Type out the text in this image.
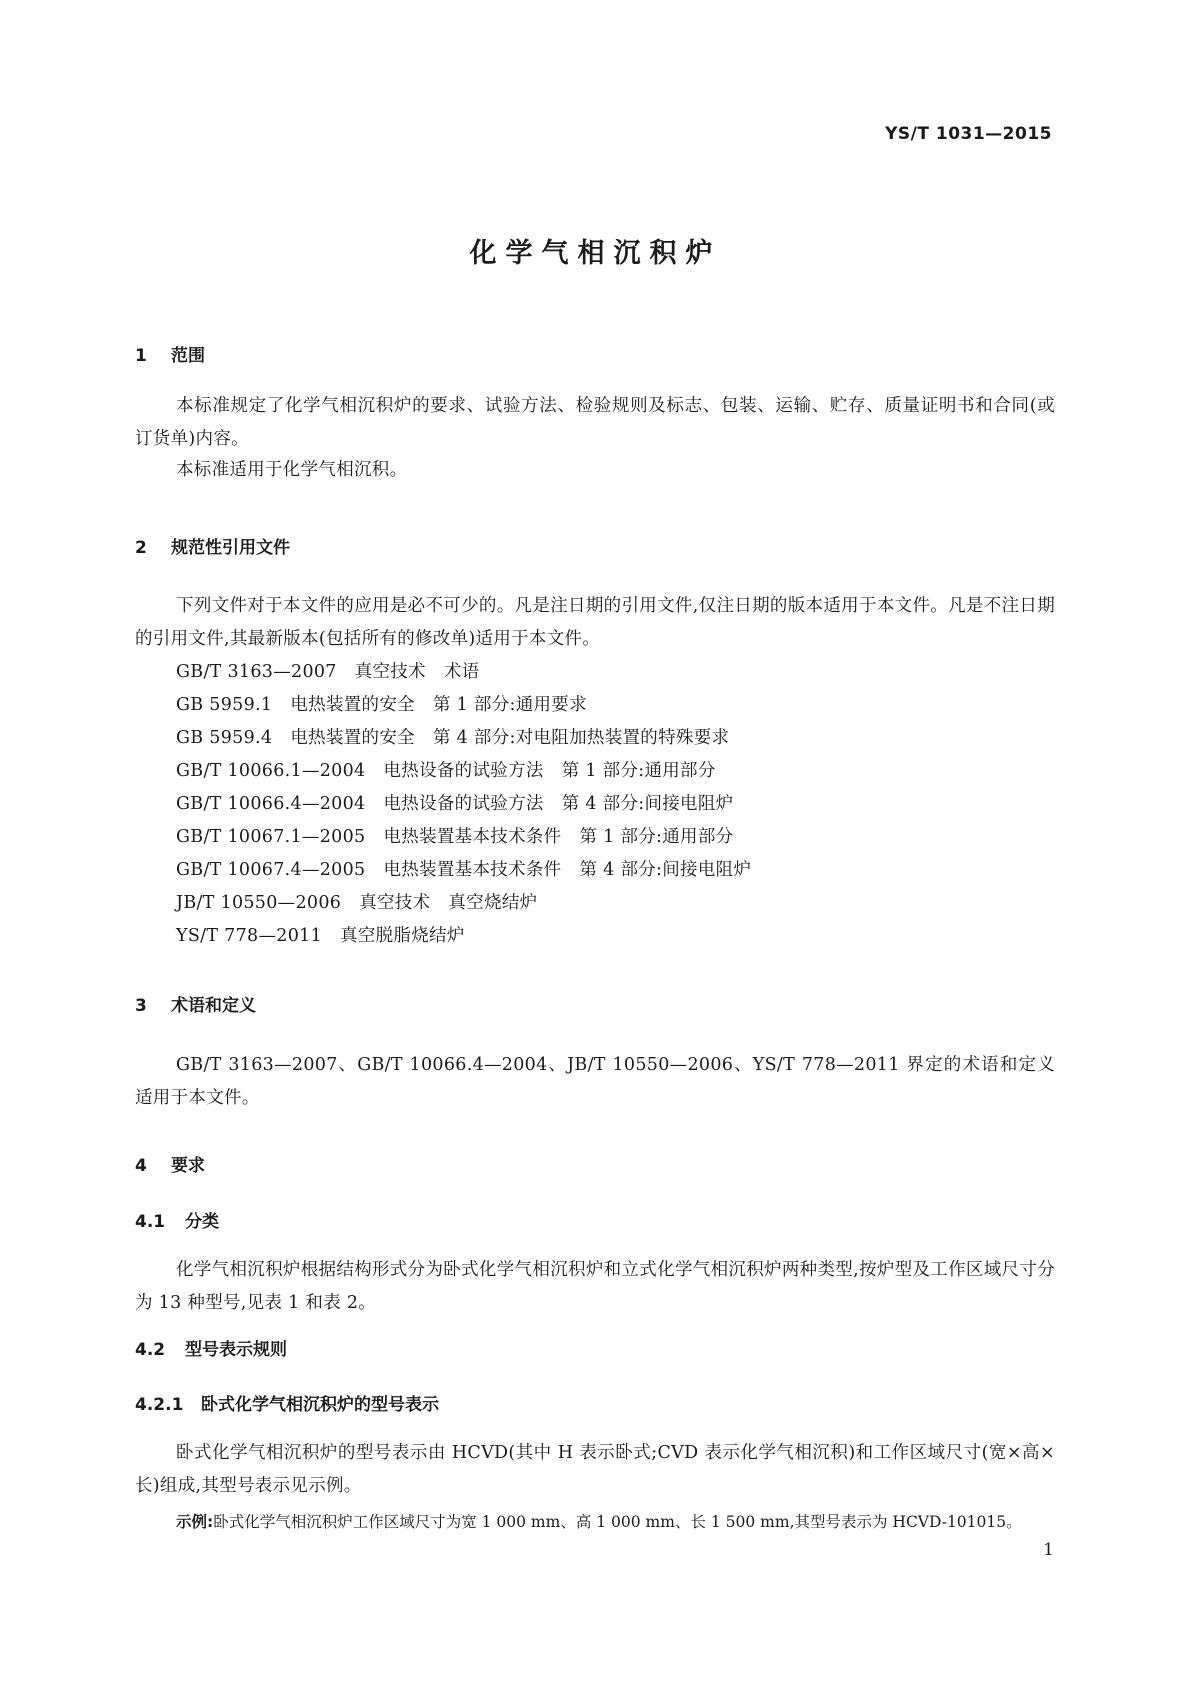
YS/T 1031—2015
化学气相沉积炉
1 范围
本标准规定了化学气相沉积炉的要求、试验方法、检验规则及标志、包装、运输、贮存、质量证明书和合同(或订货单)内容。
本标准适用于化学气相沉积。
2 规范性引用文件
下列文件对于本文件的应用是必不可少的。凡是注日期的引用文件,仅注日期的版本适用于本文件。凡是不注日期的引用文件,其最新版本(包括所有的修改单)适用于本文件。
GB/T 3163—2007 真空技术 术语
GB 5959.1 电热装置的安全 第 1 部分:通用要求
GB 5959.4 电热装置的安全 第 4 部分:对电阻加热装置的特殊要求
GB/T 10066.1—2004 电热设备的试验方法 第 1 部分:通用部分
GB/T 10066.4—2004 电热设备的试验方法 第 4 部分:间接电阻炉
GB/T 10067.1—2005 电热装置基本技术条件 第 1 部分:通用部分
GB/T 10067.4—2005 电热装置基本技术条件 第 4 部分:间接电阻炉
JB/T 10550—2006 真空技术 真空烧结炉
YS/T 778—2011 真空脱脂烧结炉
3 术语和定义
GB/T 3163—2007、GB/T 10066.4—2004、JB/T 10550—2006、YS/T 778—2011 界定的术语和定义适用于本文件。
4 要求
4.1 分类
化学气相沉积炉根据结构形式分为卧式化学气相沉积炉和立式化学气相沉积炉两种类型,按炉型及工作区域尺寸分为 13 种型号,见表 1 和表 2。
4.2 型号表示规则
4.2.1 卧式化学气相沉积炉的型号表示
卧式化学气相沉积炉的型号表示由 HCVD(其中 H 表示卧式;CVD 表示化学气相沉积)和工作区域尺寸(宽×高×长)组成,其型号表示见示例。
示例:卧式化学气相沉积炉工作区域尺寸为宽 1 000 mm、高 1 000 mm、长 1 500 mm,其型号表示为 HCVD-101015。
1
